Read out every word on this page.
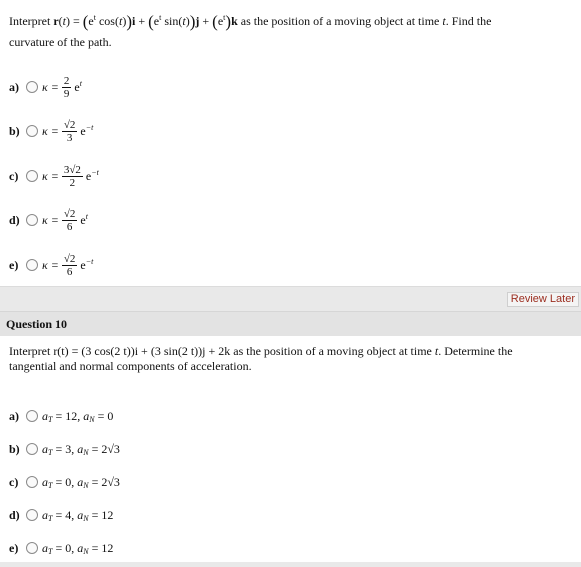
Interpret $r(t) = (e^t$ $\cos(t))i + (e^t$ $\sin(t))j + (e^t)k$ as the position of a moving object at time t. Find the
curvature of the path.
a)	$\kappa = \frac{2}{9} e^t$
b)	$\kappa = \frac{√2}{3} e^{-t}$
c)	$\kappa = \frac{3√2}{2} e^{-t}$
d)	$\kappa = \frac{√2}{6} e^t$
e)	$\kappa = \frac{√2}{6} e^{-t}$
Review Later
Question 10
Interpret r(t) = (3 cos(2 t))i + (3 sin(2 t))j + 2k as the position of a moving object at time t. Determine the
tangential and normal components of acceleration.
a)	$a_T = 12$,
$a_N = 0$
b)	$a_T = 3$,
$a_N = 2√3$
c)	$a_T = 0$,
$a_N = 2√3$
d)	$a_T = 4$,
$a_N = 12$
e)	$a_T = 0$,
$a_N = 12$
